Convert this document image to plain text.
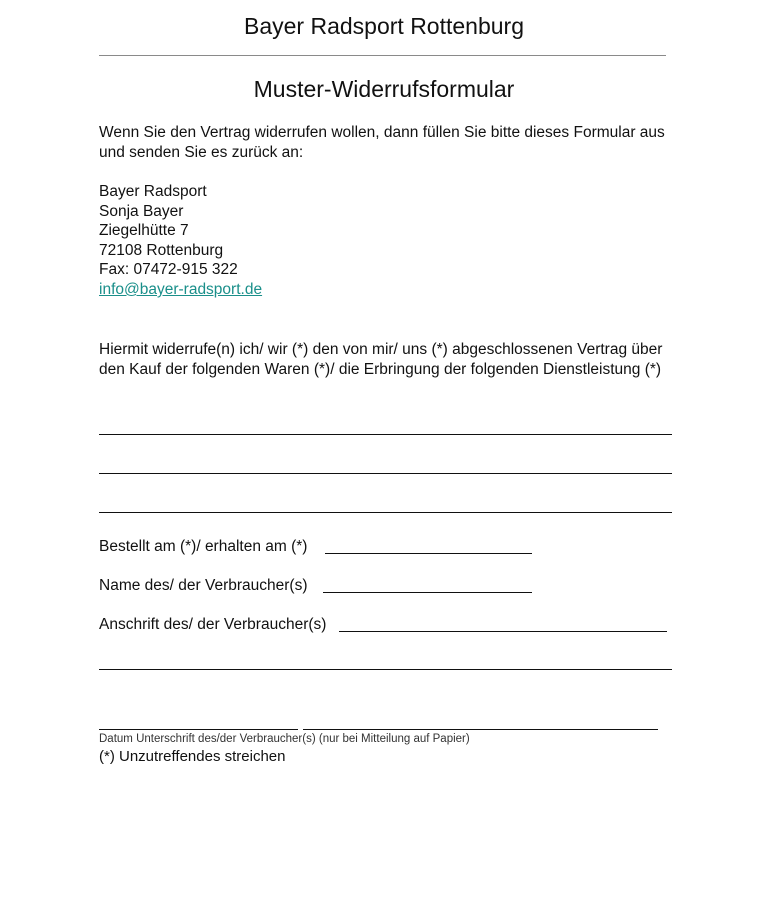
Bayer Radsport Rottenburg
Muster-Widerrufsformular
Wenn Sie den Vertrag widerrufen wollen, dann füllen Sie bitte dieses Formular aus und senden Sie es zurück an:
Bayer Radsport
Sonja Bayer
Ziegelhütte 7
72108 Rottenburg
Fax: 07472-915 322
info@bayer-radsport.de
Hiermit widerrufe(n) ich/ wir (*) den von mir/ uns (*) abgeschlossenen Vertrag über den Kauf der folgenden Waren (*)/ die Erbringung der folgenden Dienstleistung (*)
Bestellt am (*)/ erhalten am (*)
Name des/ der Verbraucher(s)
Anschrift des/ der Verbraucher(s)
Datum Unterschrift des/der Verbraucher(s) (nur bei Mitteilung auf Papier)
(*) Unzutreffendes streichen
